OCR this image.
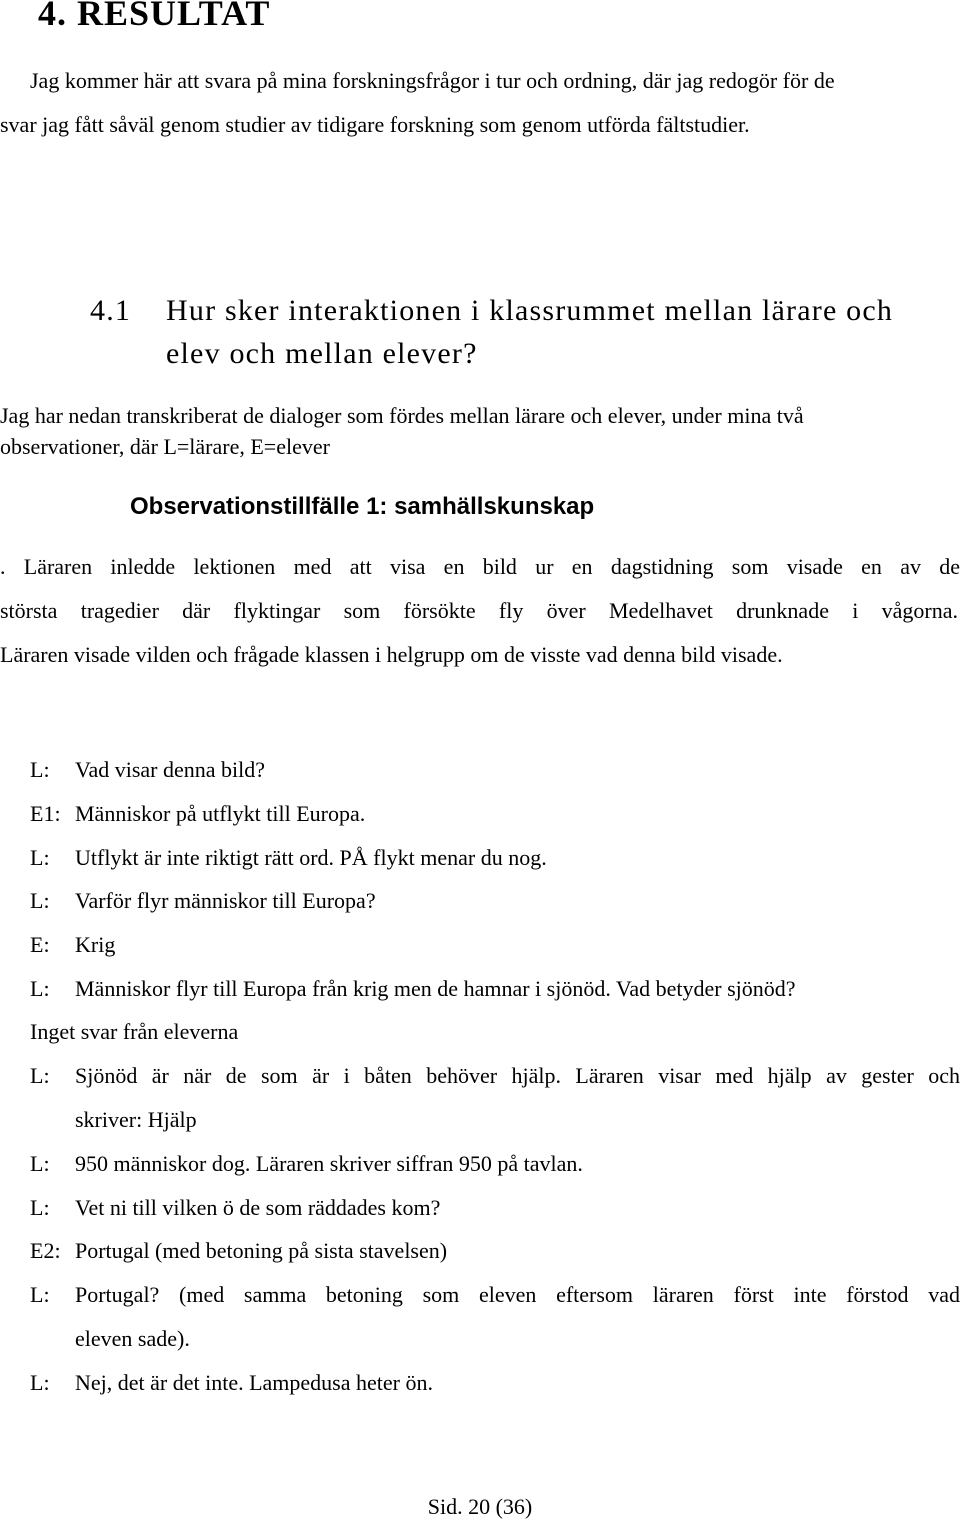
4. RESULTAT
Jag kommer här att svara på mina forskningsfrågor i tur och ordning, där jag redogör för de
svar jag fått såväl genom studier av tidigare forskning som genom utförda fältstudier.
4.1 Hur sker interaktionen i klassrummet mellan lärare och
elev och mellan elever?
Jag har nedan transkriberat de dialoger som fördes mellan lärare och elever, under mina två
observationer, där L=lärare, E=elever
Observationstillfälle 1: samhällskunskap
. Läraren inledde lektionen med att visa en bild ur en dagstidning som visade en av de
största tragedier där flyktingar som försökte fly över Medelhavet drunknade i vågorna.
Läraren visade vilden och frågade klassen i helgrupp om de visste vad denna bild visade.
L: Vad visar denna bild?
E1: Människor på utflykt till Europa.
L: Utflykt är inte riktigt rätt ord. PÅ flykt menar du nog.
L: Varför flyr människor till Europa?
E: Krig
L: Människor flyr till Europa från krig men de hamnar i sjönöd. Vad betyder sjönöd?
Inget svar från eleverna
L: Sjönöd är när de som är i båten behöver hjälp. Läraren visar med hjälp av gester och
skriver: Hjälp
L: 950 människor dog. Läraren skriver siffran 950 på tavlan.
L: Vet ni till vilken ö de som räddades kom?
E2: Portugal (med betoning på sista stavelsen)
L: Portugal? (med samma betoning som eleven eftersom läraren först inte förstod vad
eleven sade).
L: Nej, det är det inte. Lampedusa heter ön.
Sid. 20 (36)
